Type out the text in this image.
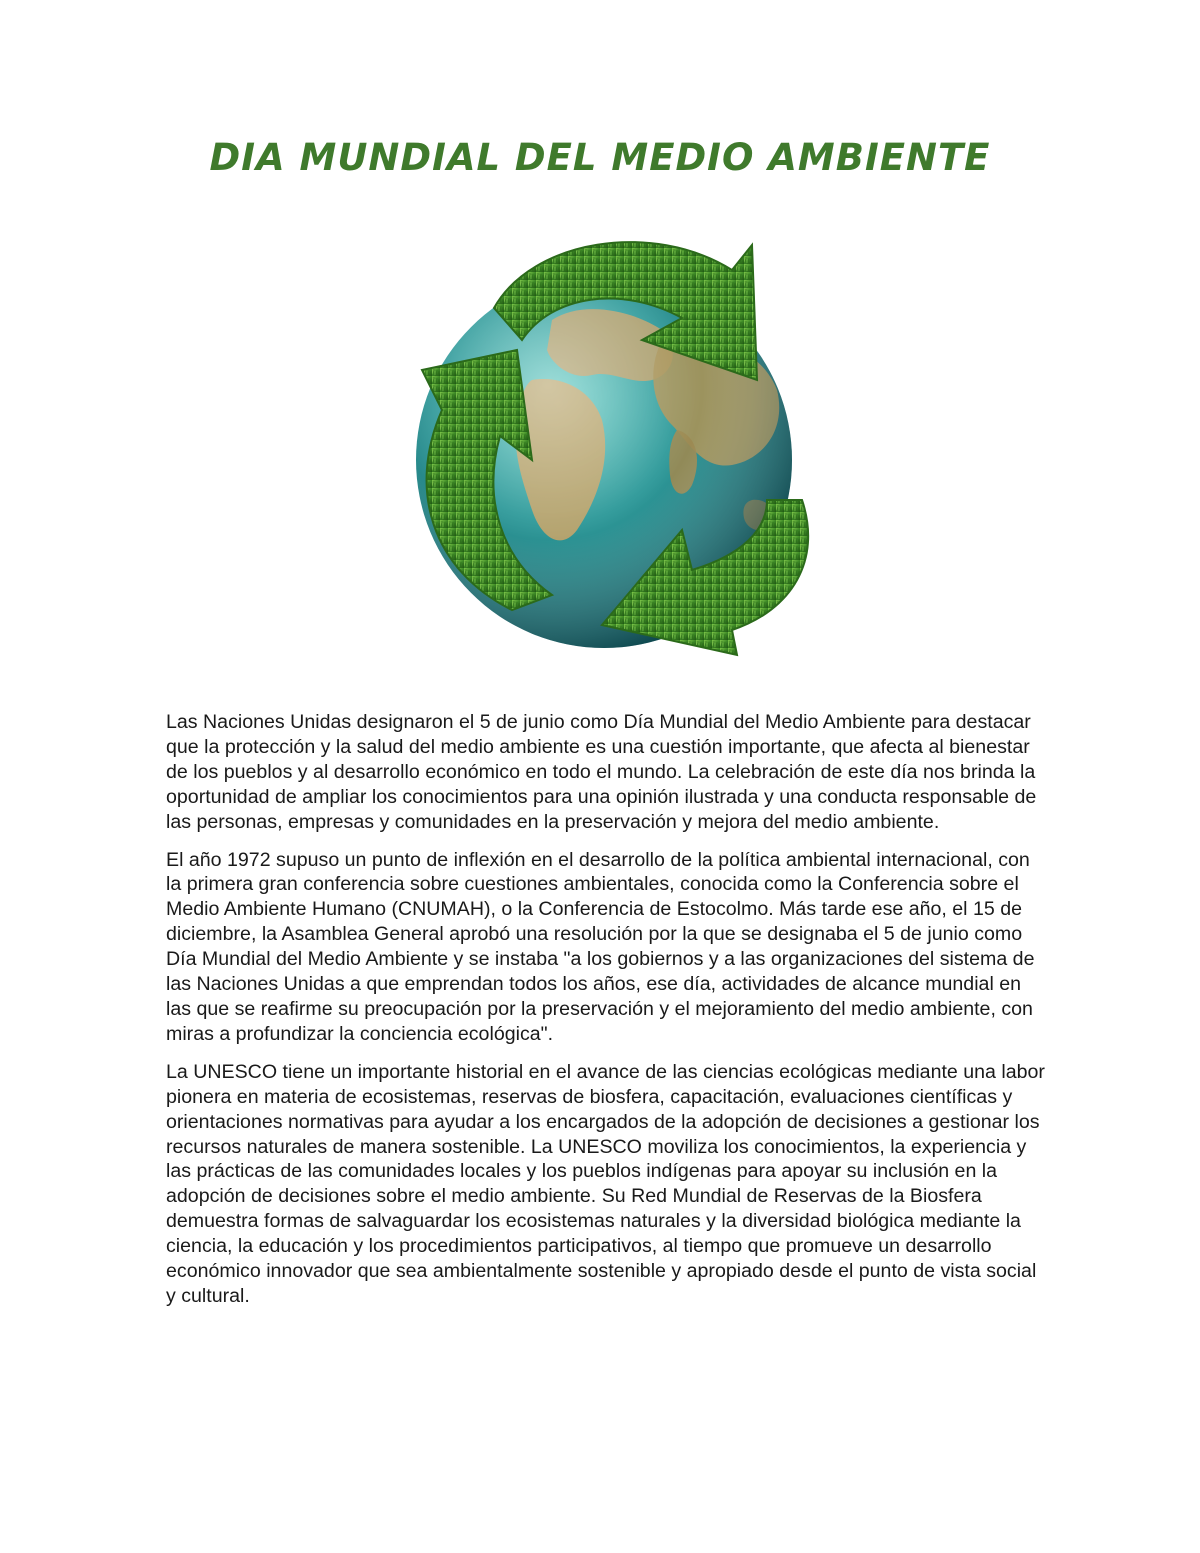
DIA MUNDIAL DEL MEDIO AMBIENTE

Las Naciones Unidas designaron el 5 de junio como Día Mundial del Medio Ambiente para destacar que la protección y la salud del medio ambiente es una cuestión importante, que afecta al bienestar de los pueblos y al desarrollo económico en todo el mundo. La celebración de este día nos brinda la oportunidad de ampliar los conocimientos para una opinión ilustrada y una conducta responsable de las personas, empresas y comunidades en la preservación y mejora del medio ambiente.

El año 1972 supuso un punto de inflexión en el desarrollo de la política ambiental internacional, con la primera gran conferencia sobre cuestiones ambientales, conocida como la Conferencia sobre el Medio Ambiente Humano (CNUMAH), o la Conferencia de Estocolmo. Más tarde ese año, el 15 de diciembre, la Asamblea General aprobó una resolución por la que se designaba el 5 de junio como Día Mundial del Medio Ambiente y se instaba "a los gobiernos y a las organizaciones del sistema de las Naciones Unidas a que emprendan todos los años, ese día, actividades de alcance mundial en las que se reafirme su preocupación por la preservación y el mejoramiento del medio ambiente, con miras a profundizar la conciencia ecológica".

La UNESCO tiene un importante historial en el avance de las ciencias ecológicas mediante una labor pionera en materia de ecosistemas, reservas de biosfera, capacitación, evaluaciones científicas y orientaciones normativas para ayudar a los encargados de la adopción de decisiones a gestionar los recursos naturales de manera sostenible. La UNESCO moviliza los conocimientos, la experiencia y las prácticas de las comunidades locales y los pueblos indígenas para apoyar su inclusión en la adopción de decisiones sobre el medio ambiente. Su Red Mundial de Reservas de la Biosfera demuestra formas de salvaguardar los ecosistemas naturales y la diversidad biológica mediante la ciencia, la educación y los procedimientos participativos, al tiempo que promueve un desarrollo económico innovador que sea ambientalmente sostenible y apropiado desde el punto de vista social y cultural.
